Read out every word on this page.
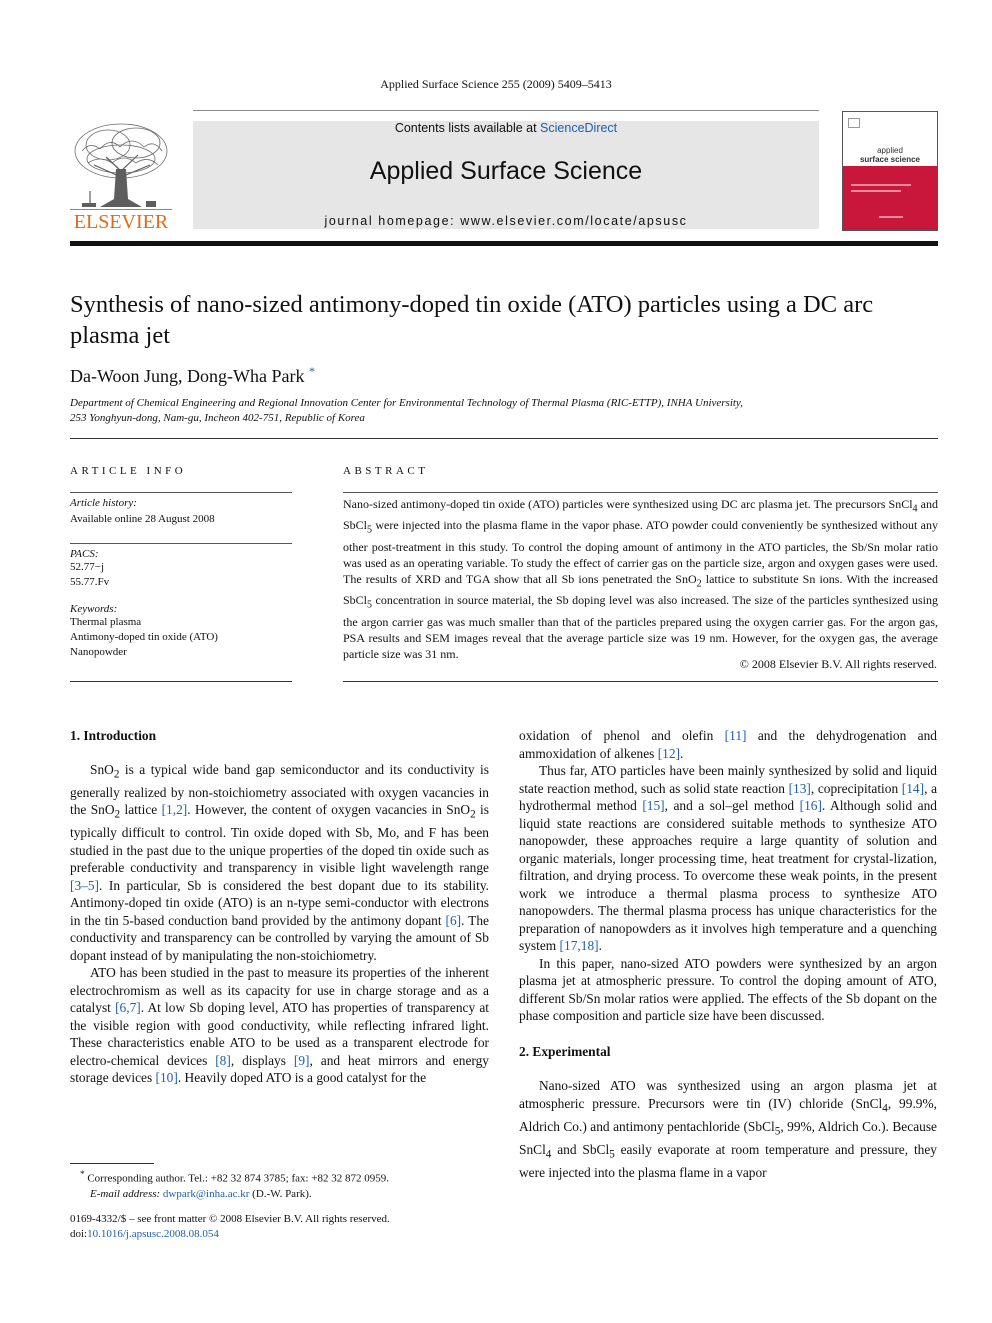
Applied Surface Science 255 (2009) 5409–5413
ELSEVIER
Contents lists available at ScienceDirect
Applied Surface Science
journal homepage: www.elsevier.com/locate/apsusc
applied
surface science
Synthesis of nano-sized antimony-doped tin oxide (ATO) particles using a DC arc plasma jet
Da-Woon Jung, Dong-Wha Park *
Department of Chemical Engineering and Regional Innovation Center for Environmental Technology of Thermal Plasma (RIC-ETTP), INHA University,
253 Yonghyun-dong, Nam-gu, Incheon 402-751, Republic of Korea
ARTICLE INFO
Article history:
Available online 28 August 2008
PACS:
52.77−j
55.77.Fv
Keywords:
Thermal plasma
Antimony-doped tin oxide (ATO)
Nanopowder
ABSTRACT
Nano-sized antimony-doped tin oxide (ATO) particles were synthesized using DC arc plasma jet. The precursors SnCl$_4$ and SbCl$_5$ were injected into the plasma flame in the vapor phase. ATO powder could conveniently be synthesized without any other post-treatment in this study. To control the doping amount of antimony in the ATO particles, the Sb/Sn molar ratio was used as an operating variable. To study the effect of carrier gas on the particle size, argon and oxygen gases were used. The results of XRD and TGA show that all Sb ions penetrated the SnO$_2$ lattice to substitute Sn ions. With the increased SbCl$_5$ concentration in source material, the Sb doping level was also increased. The size of the particles synthesized using the argon carrier gas was much smaller than that of the particles prepared using the oxygen carrier gas. For the argon gas, PSA results and SEM images reveal that the average particle size was 19 nm. However, for the oxygen gas, the average particle size was 31 nm.
© 2008 Elsevier B.V. All rights reserved.
1. Introduction

SnO$_2$ is a typical wide band gap semiconductor and its conductivity is generally realized by non-stoichiometry associated with oxygen vacancies in the SnO$_2$ lattice [1,2]. However, the content of oxygen vacancies in SnO$_2$ is typically difficult to control. Tin oxide doped with Sb, Mo, and F has been studied in the past due to the unique properties of the doped tin oxide such as preferable conductivity and transparency in visible light wavelength range [3–5]. In particular, Sb is considered the best dopant due to its stability. Antimony-doped tin oxide (ATO) is an n-type semi-conductor with electrons in the tin 5-based conduction band provided by the antimony dopant [6]. The conductivity and transparency can be controlled by varying the amount of Sb dopant instead of by manipulating the non-stoichiometry.

ATO has been studied in the past to measure its properties of the inherent electrochromism as well as its capacity for use in charge storage and as a catalyst [6,7]. At low Sb doping level, ATO has properties of transparency at the visible region with good conductivity, while reflecting infrared light. These characteristics enable ATO to be used as a transparent electrode for electro-chemical devices [8], displays [9], and heat mirrors and energy storage devices [10]. Heavily doped ATO is a good catalyst for the

* Corresponding author. Tel.: +82 32 874 3785; fax: +82 32 872 0959.
E-mail address: dwpark@inha.ac.kr (D.-W. Park).
0169-4332/$ – see front matter © 2008 Elsevier B.V. All rights reserved.
doi:10.1016/j.apsusc.2008.08.054

oxidation of phenol and olefin [11] and the dehydrogenation and ammoxidation of alkenes [12].

Thus far, ATO particles have been mainly synthesized by solid and liquid state reaction method, such as solid state reaction [13], coprecipitation [14], a hydrothermal method [15], and a sol–gel method [16]. Although solid and liquid state reactions are considered suitable methods to synthesize ATO nanopowder, these approaches require a large quantity of solution and organic materials, longer processing time, heat treatment for crystal-lization, filtration, and drying process. To overcome these weak points, in the present work we introduce a thermal plasma process to synthesize ATO nanopowders. The thermal plasma process has unique characteristics for the preparation of nanopowders as it involves high temperature and a quenching system [17,18].

In this paper, nano-sized ATO powders were synthesized by an argon plasma jet at atmospheric pressure. To control the doping amount of ATO, different Sb/Sn molar ratios were applied. The effects of the Sb dopant on the phase composition and particle size have been discussed.

2. Experimental

Nano-sized ATO was synthesized using an argon plasma jet at atmospheric pressure. Precursors were tin (IV) chloride (SnCl$_4$, 99.9%, Aldrich Co.) and antimony pentachloride (SbCl$_5$, 99%, Aldrich Co.). Because SnCl$_4$ and SbCl$_5$ easily evaporate at room temperature and pressure, they were injected into the plasma flame in a vapor
